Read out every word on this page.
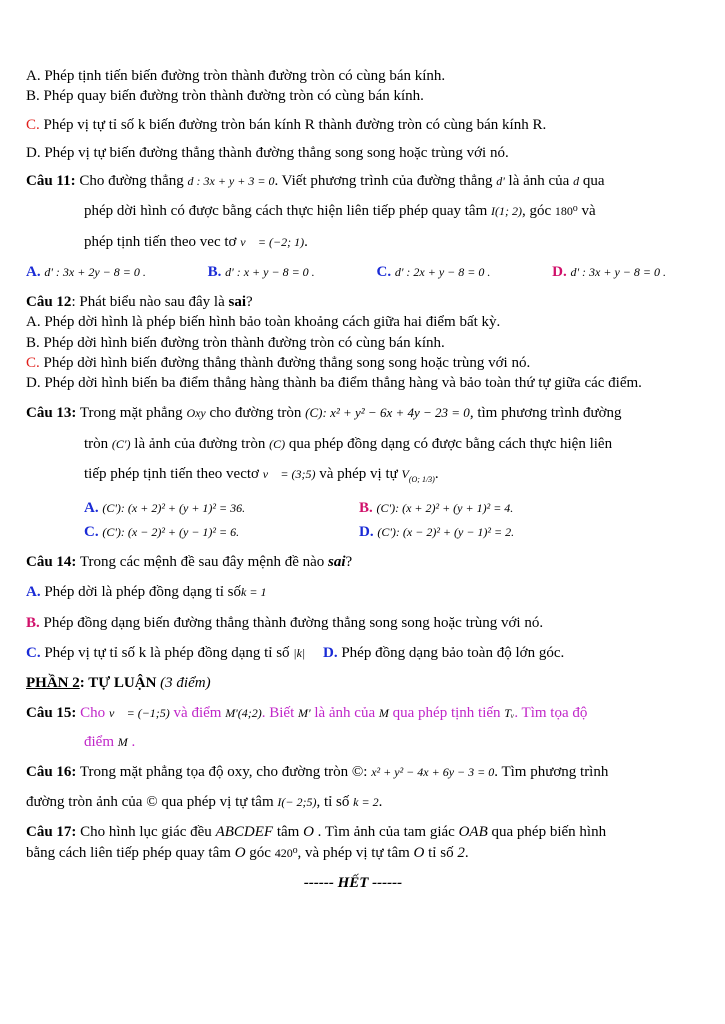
A. Phép tịnh tiến biến đường tròn thành đường tròn có cùng bán kính.
B. Phép quay biến đường tròn thành đường tròn có cùng bán kính.
C. Phép vị tự tỉ số k biến đường tròn bán kính R thành đường tròn có cùng bán kính R.
D. Phép vị tự biến đường thẳng thành đường thẳng song song hoặc trùng với nó.
Câu 11: Cho đường thẳng d : 3x + y + 3 = 0. Viết phương trình của đường thẳng d' là ảnh của d qua
phép dời hình có được bằng cách thực hiện liên tiếp phép quay tâm I(1; 2), góc 180⁰ và
phép tịnh tiến theo vec tơ v⃗ = (−2; 1).
A. d' : 3x + 2y − 8 = 0 .	B. d' : x + y − 8 = 0 .	C. d' : 2x + y − 8 = 0 .	D. d' : 3x + y − 8 = 0 .
Câu 12: Phát biểu nào sau đây là sai?
A. Phép dời hình là phép biến hình bảo toàn khoảng cách giữa hai điểm bất kỳ.
B. Phép dời hình biến đường tròn thành đường tròn có cùng bán kính.
C. Phép dời hình biến đường thẳng thành đường thẳng song song hoặc trùng với nó.
D. Phép dời hình biến ba điểm thẳng hàng thành ba điểm thẳng hàng và bảo toàn thứ tự giữa các điểm.
Câu 13: Trong mặt phẳng Oxy cho đường tròn (C): x² + y² − 6x + 4y − 23 = 0, tìm phương trình đường
tròn (C′) là ảnh của đường tròn (C) qua phép đồng dạng có được bằng cách thực hiện liên
tiếp phép tịnh tiến theo vectơ v⃗ = (3;5) và phép vị tự $V_{(O; 1/3)}$.
A. (C'): (x + 2)² + (y + 1)² = 36.	B. (C'): (x + 2)² + (y + 1)² = 4.
C. (C'): (x − 2)² + (y − 1)² = 6.	D. (C'): (x − 2)² + (y − 1)² = 2.
Câu 14: Trong các mệnh đề sau đây mệnh đề nào sai?
A. Phép dời là phép đồng dạng tỉ sốk = 1
B. Phép đồng dạng biến đường thẳng thành đường thẳng song song hoặc trùng với nó.
C. Phép vị tự tỉ số k là phép đồng dạng tỉ số |k| D. Phép đồng dạng bảo toàn độ lớn góc.
PHẦN 2: TỰ LUẬN (3 điểm)
Câu 15: Cho v⃗ = (−1;5) và điểm M'(4;2). Biết M' là ảnh của M qua phép tịnh tiến Tᵥ. Tìm tọa độ
điểm M .
Câu 16: Trong mặt phẳng tọa độ oxy, cho đường tròn ©: x² + y² − 4x + 6y − 3 = 0. Tìm phương trình
đường tròn ảnh của © qua phép vị tự tâm I(− 2;5), tỉ số k = 2.
Câu 17: Cho hình lục giác đều ABCDEF tâm O . Tìm ảnh của tam giác OAB qua phép biến hình
bằng cách liên tiếp phép quay tâm O góc 420⁰, và phép vị tự tâm O tỉ số 2.
------ HẾT ------
